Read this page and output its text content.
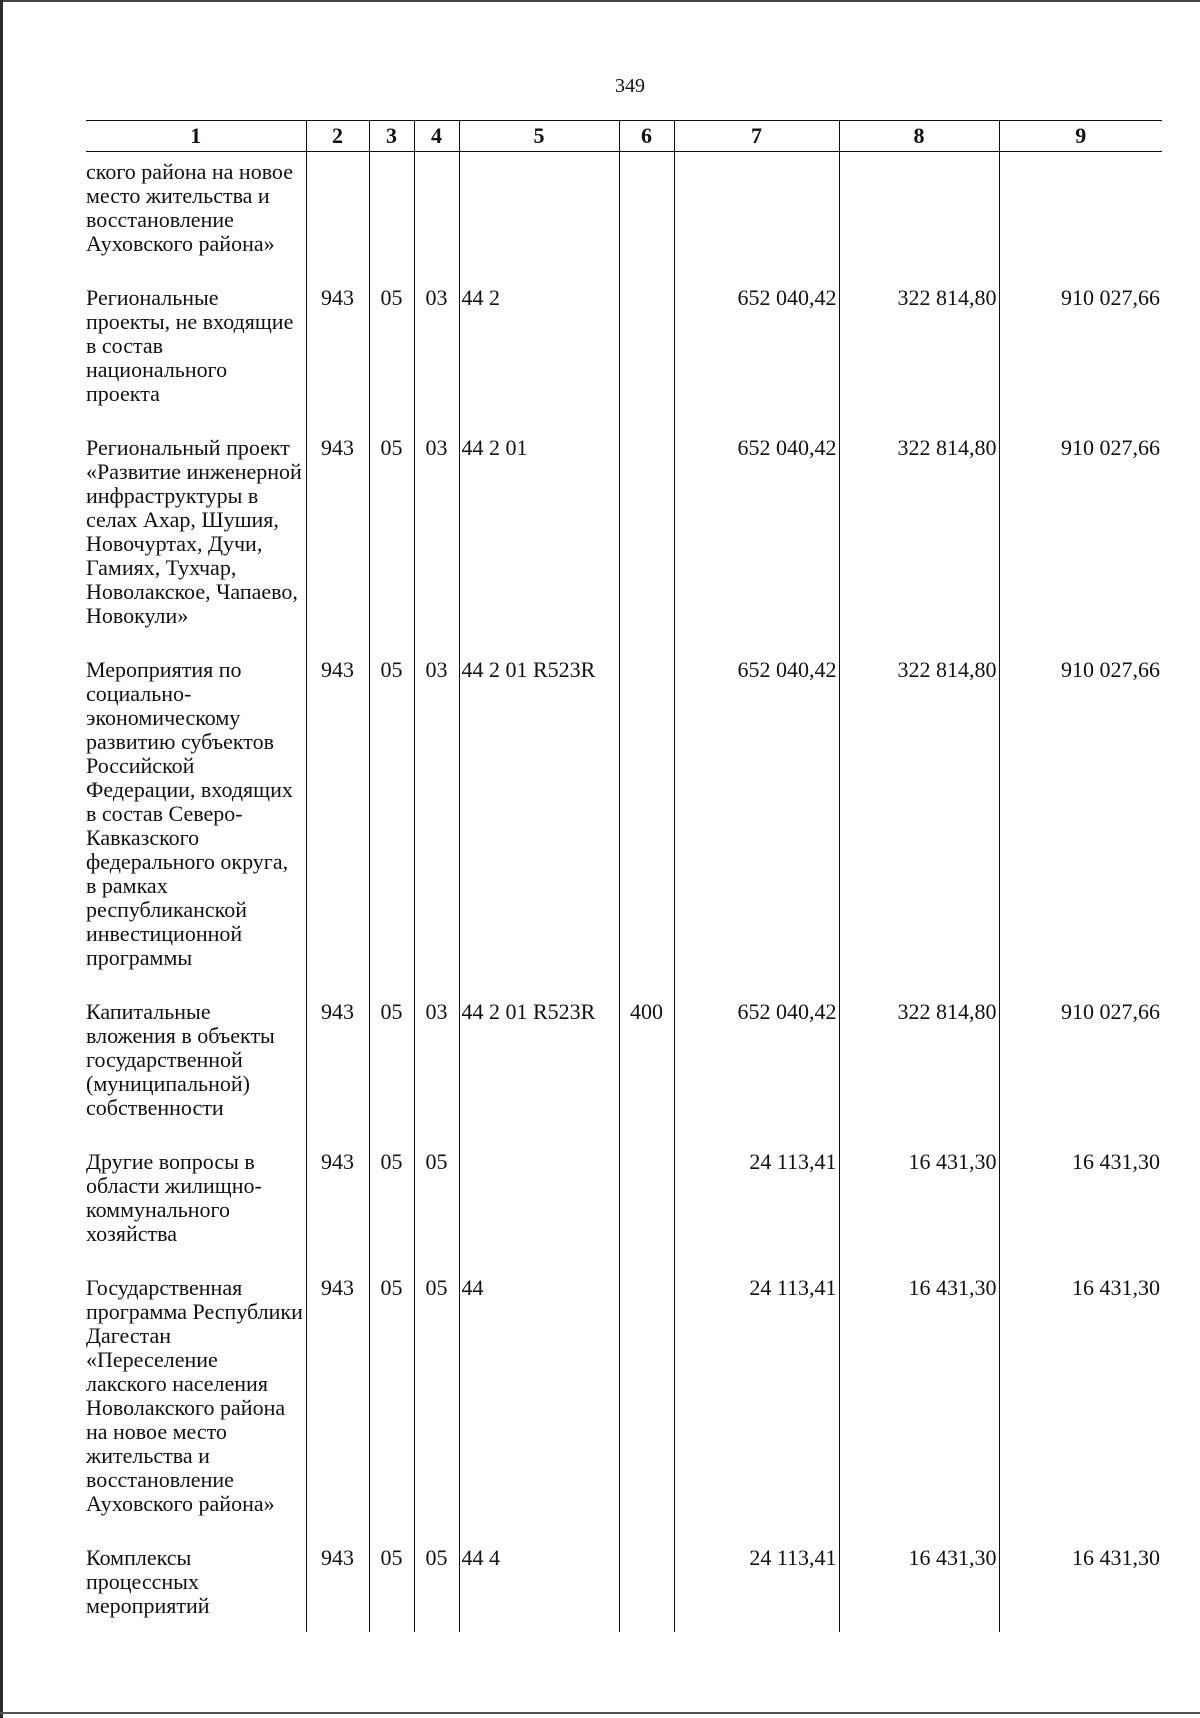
349
1	2	3	4	5	6	7	8	9
ского района на новое место жительства и восстановление Ауховского района»								
Региональные проекты, не входящие в состав национального проекта	943	05	03	44 2		652 040,42	322 814,80	910 027,66
Региональный проект «Развитие инженерной инфраструктуры в селах Ахар, Шушия, Новочуртах, Дучи, Гамиях, Тухчар, Новолакское, Чапаево, Новокули»	943	05	03	44 2 01		652 040,42	322 814,80	910 027,66
Мероприятия по социально-экономическому развитию субъектов Российской Федерации, входящих в состав Северо-Кавказского федерального округа, в рамках республиканской инвестиционной программы	943	05	03	44 2 01 R523R		652 040,42	322 814,80	910 027,66
Капитальные вложения в объекты государственной (муниципальной) собственности	943	05	03	44 2 01 R523R	400	652 040,42	322 814,80	910 027,66
Другие вопросы в области жилищно-коммунального хозяйства	943	05	05			24 113,41	16 431,30	16 431,30
Государственная программа Республики Дагестан «Переселение лакского населения Новолакского района на новое место жительства и восстановление Ауховского района»	943	05	05	44		24 113,41	16 431,30	16 431,30
Комплексы процессных мероприятий	943	05	05	44 4		24 113,41	16 431,30	16 431,30
